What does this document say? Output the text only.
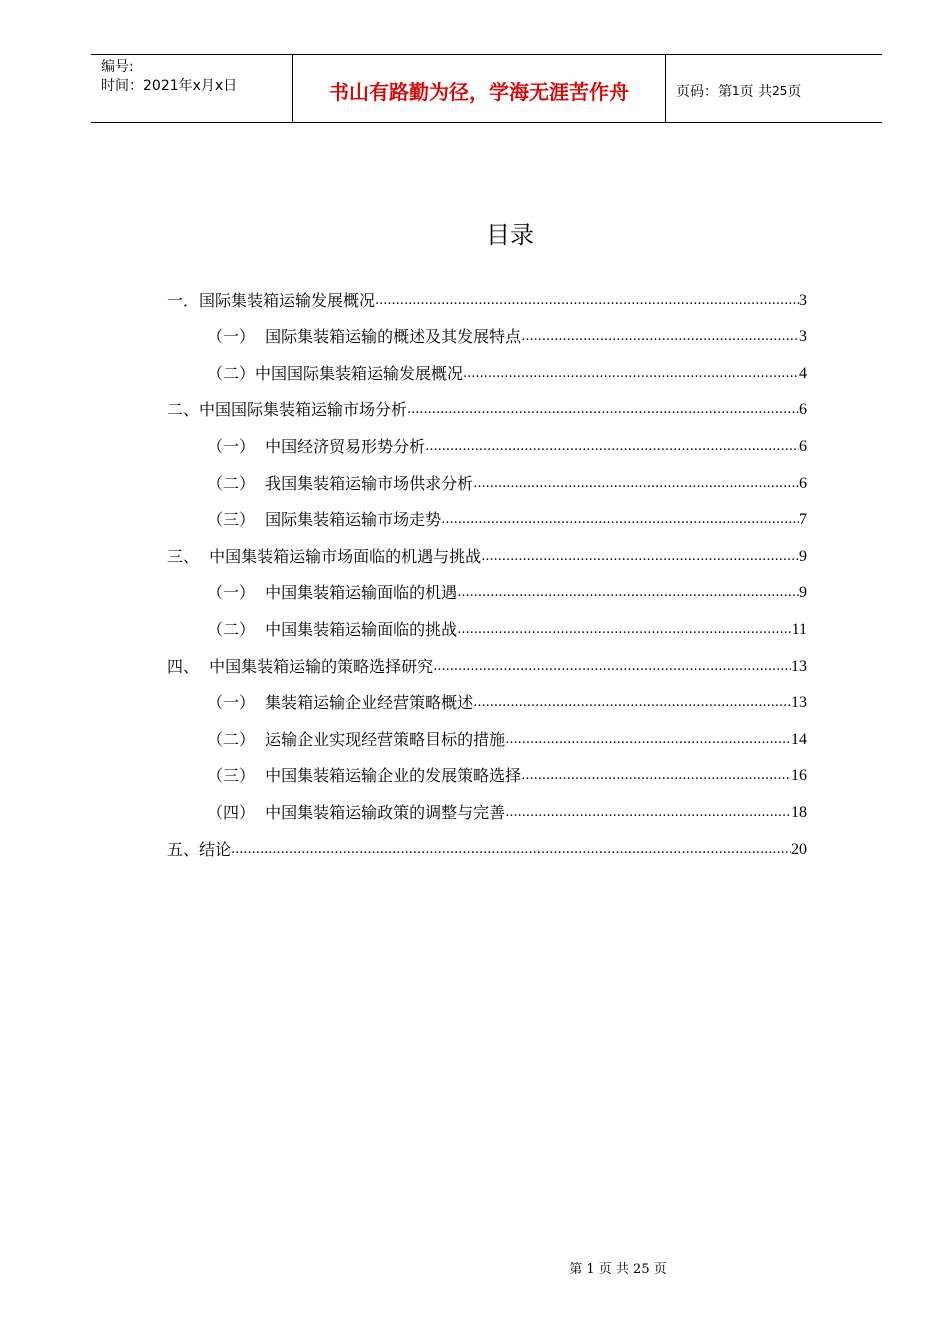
编号:
时间：2021年x月x日	书山有路勤为径，学海无涯苦作舟	页码：第 1 页 共 25 页
目录
一．国际集装箱运输发展概况 .....	3
（一）  国际集装箱运输的概述及其发展特点 .....	3
（二）中国国际集装箱运输发展概况 .....	4
二、中国国际集装箱运输市场分析 .....	6
（一）  中国经济贸易形势分析 .....	6
（二）  我国集装箱运输市场供求分析 .....	6
（三）  国际集装箱运输市场走势 .....	7
三、  中国集装箱运输市场面临的机遇与挑战 .....	9
（一）  中国集装箱运输面临的机遇 .....	9
（二）  中国集装箱运输面临的挑战 .....	11
四、  中国集装箱运输的策略选择研究 .....	13
（一）  集装箱运输企业经营策略概述 .....	13
（二）  运输企业实现经营策略目标的措施 .....	14
（三）  中国集装箱运输企业的发展策略选择 .....	16
（四）  中国集装箱运输政策的调整与完善 .....	18
五、结论 .....	20
第 1 页 共 25 页
